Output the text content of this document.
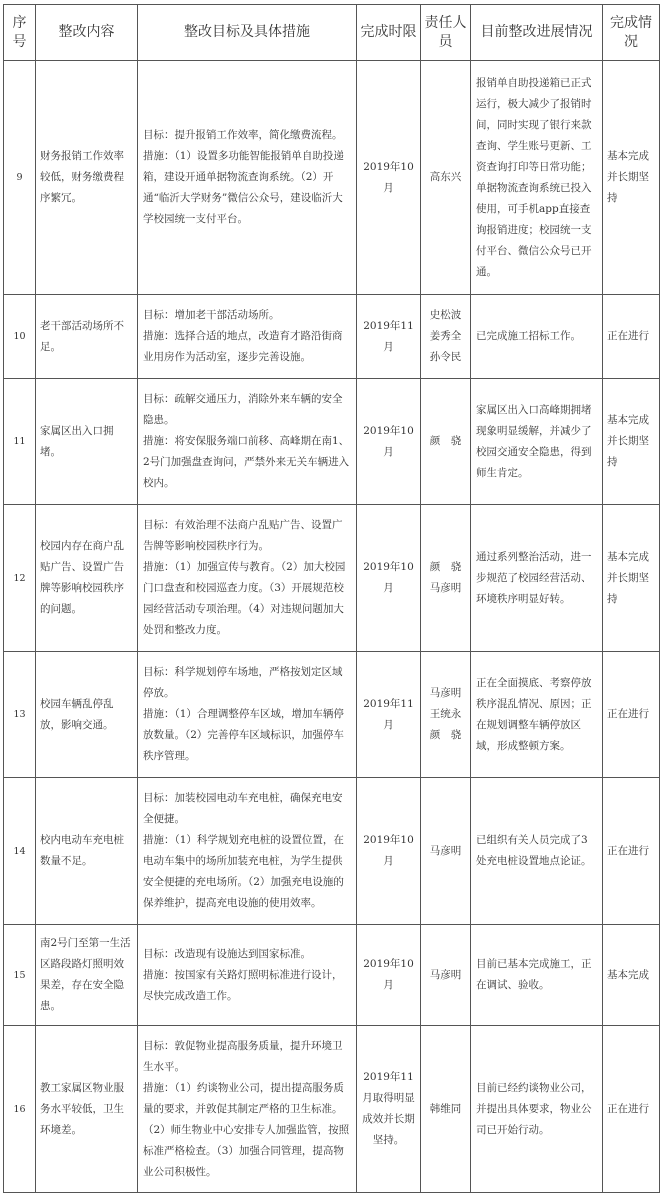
序号	整改内容	整改目标及具体措施	完成时限	责任人员	目前整改进展情况	完成情况
9	财务报销工作效率较低，财务缴费程序繁冗。	目标：提升报销工作效率，简化缴费流程。
措施：（1）设置多功能智能报销单自助投递箱，建设开通单据物流查询系统。（2）开通“临沂大学财务”微信公众号，建设临沂大学校园统一支付平台。	2019年10月	高东兴	报销单自助投递箱已正式运行，极大减少了报销时间，同时实现了银行来款查询、学生账号更新、工资查询打印等日常功能；单据物流查询系统已投入使用，可手机app直接查询报销进度；校园统一支付平台、微信公众号已开通。	基本完成并长期坚持
10	老干部活动场所不足。	目标：增加老干部活动场所。
措施：选择合适的地点，改造育才路沿街商业用房作为活动室，逐步完善设施。	2019年11月	史松波
姜秀全
孙令民	已完成施工招标工作。	正在进行
11	家属区出入口拥堵。	目标：疏解交通压力，消除外来车辆的安全隐患。
措施：将安保服务端口前移、高峰期在南1、2号门加强盘查询问，严禁外来无关车辆进入校内。	2019年10月	颜　骁	家属区出入口高峰期拥堵现象明显缓解，并减少了校园交通安全隐患，得到师生肯定。	基本完成并长期坚持
12	校园内存在商户乱贴广告、设置广告牌等影响校园秩序的问题。	目标：有效治理不法商户乱贴广告、设置广告牌等影响校园秩序行为。
措施：（1）加强宣传与教育。（2）加大校园门口盘查和校园巡查力度。（3）开展规范校园经营活动专项治理。（4）对违规问题加大处罚和整改力度。	2019年10月	颜　骁
马彦明	通过系列整治活动，进一步规范了校园经营活动、环境秩序明显好转。	基本完成并长期坚持
13	校园车辆乱停乱放，影响交通。	目标：科学规划停车场地，严格按划定区域停放。
措施：（1）合理调整停车区域，增加车辆停放数量。（2）完善停车区域标识，加强停车秩序管理。	2019年11月	马彦明
王统永
颜　骁	正在全面摸底、考察停放秩序混乱情况、原因；正在规划调整车辆停放区域，形成整顿方案。	正在进行
14	校内电动车充电桩数量不足。	目标：加装校园电动车充电桩，确保充电安全便捷。
措施：（1）科学规划充电桩的设置位置，在电动车集中的场所加装充电桩，为学生提供安全便捷的充电场所。（2）加强充电设施的保养维护，提高充电设施的使用效率。	2019年10月	马彦明	已组织有关人员完成了3处充电桩设置地点论证。	正在进行
15	南2号门至第一生活区路段路灯照明效果差，存在安全隐患。	目标：改造现有设施达到国家标准。
措施：按国家有关路灯照明标准进行设计，尽快完成改造工作。	2019年10月	马彦明	目前已基本完成施工，正在调试、验收。	基本完成
16	教工家属区物业服务水平较低，卫生环境差。	目标：敦促物业提高服务质量，提升环境卫生水平。
措施：（1）约谈物业公司，提出提高服务质量的要求，并敦促其制定严格的卫生标准。（2）师生物业中心安排专人加强监管，按照标准严格检查。（3）加强合同管理，提高物业公司积极性。	2019年11月取得明显成效并长期坚持。	韩维同	目前已经约谈物业公司，并提出具体要求，物业公司已开始行动。	正在进行
